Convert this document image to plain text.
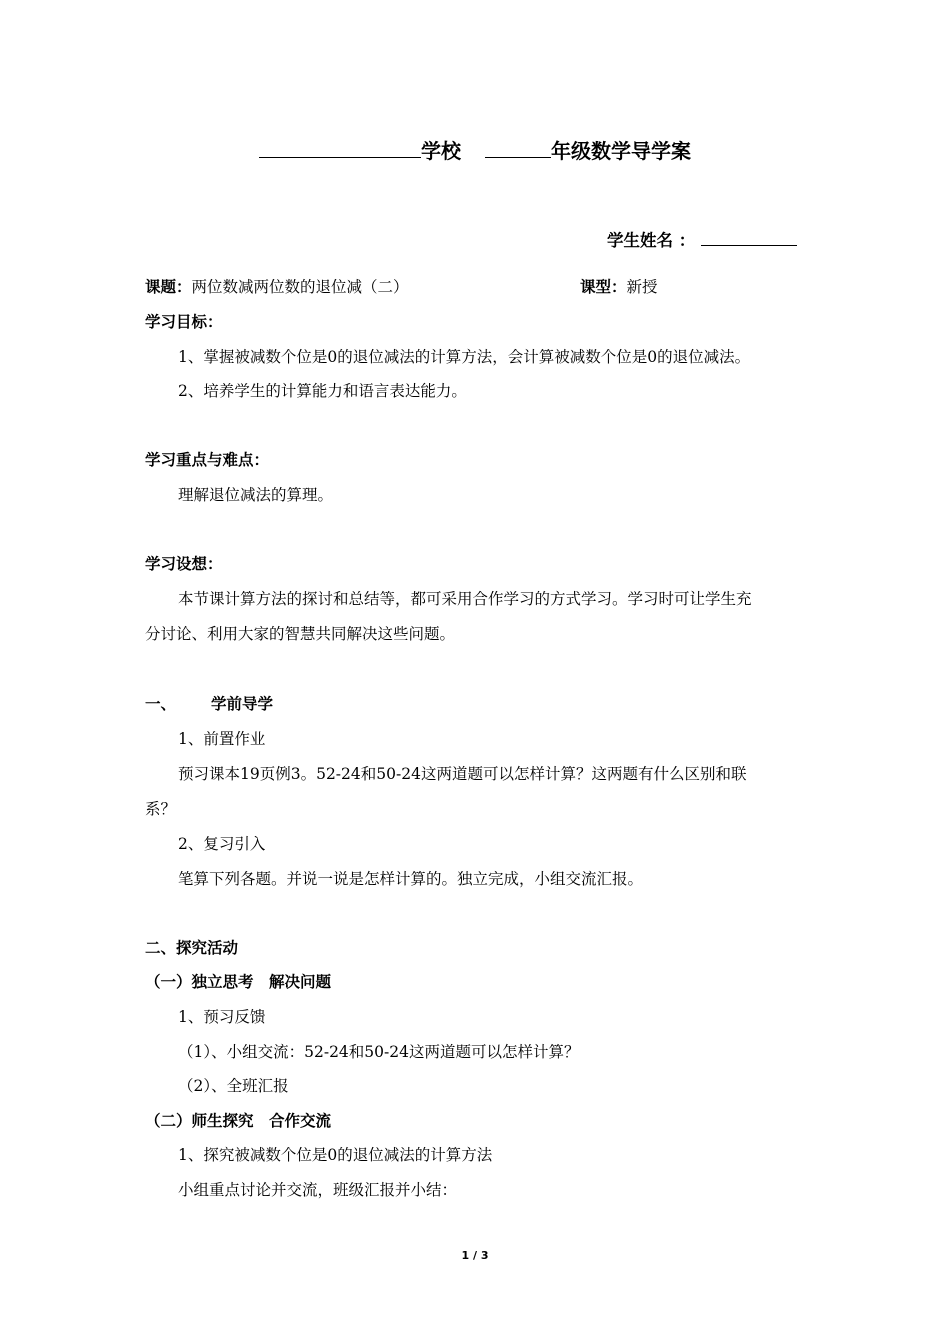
学校	年级数学导学案
学生姓名 ：
课题：两位数减两位数的退位减（二）	课型：新授
学习目标：
1、掌握被减数个位是0的退位减法的计算方法，会计算被减数个位是0的退位减法。
2、培养学生的计算能力和语言表达能力。
学习重点与难点：
理解退位减法的算理。
学习设想：
本节课计算方法的探讨和总结等，都可采用合作学习的方式学习。学习时可让学生充
分讨论、利用大家的智慧共同解决这些问题。
一、 学前导学
1、前置作业
预习课本19页例3。52-24和50-24这两道题可以怎样计算？这两题有什么区别和联
系？
2、复习引入
笔算下列各题。并说一说是怎样计算的。独立完成，小组交流汇报。
二、探究活动
（一）独立思考　解决问题
1、预习反馈
（1）、小组交流：52-24和50-24这两道题可以怎样计算？
（2）、全班汇报
（二）师生探究　合作交流
1、探究被减数个位是0的退位减法的计算方法
小组重点讨论并交流，班级汇报并小结：
1 / 3
